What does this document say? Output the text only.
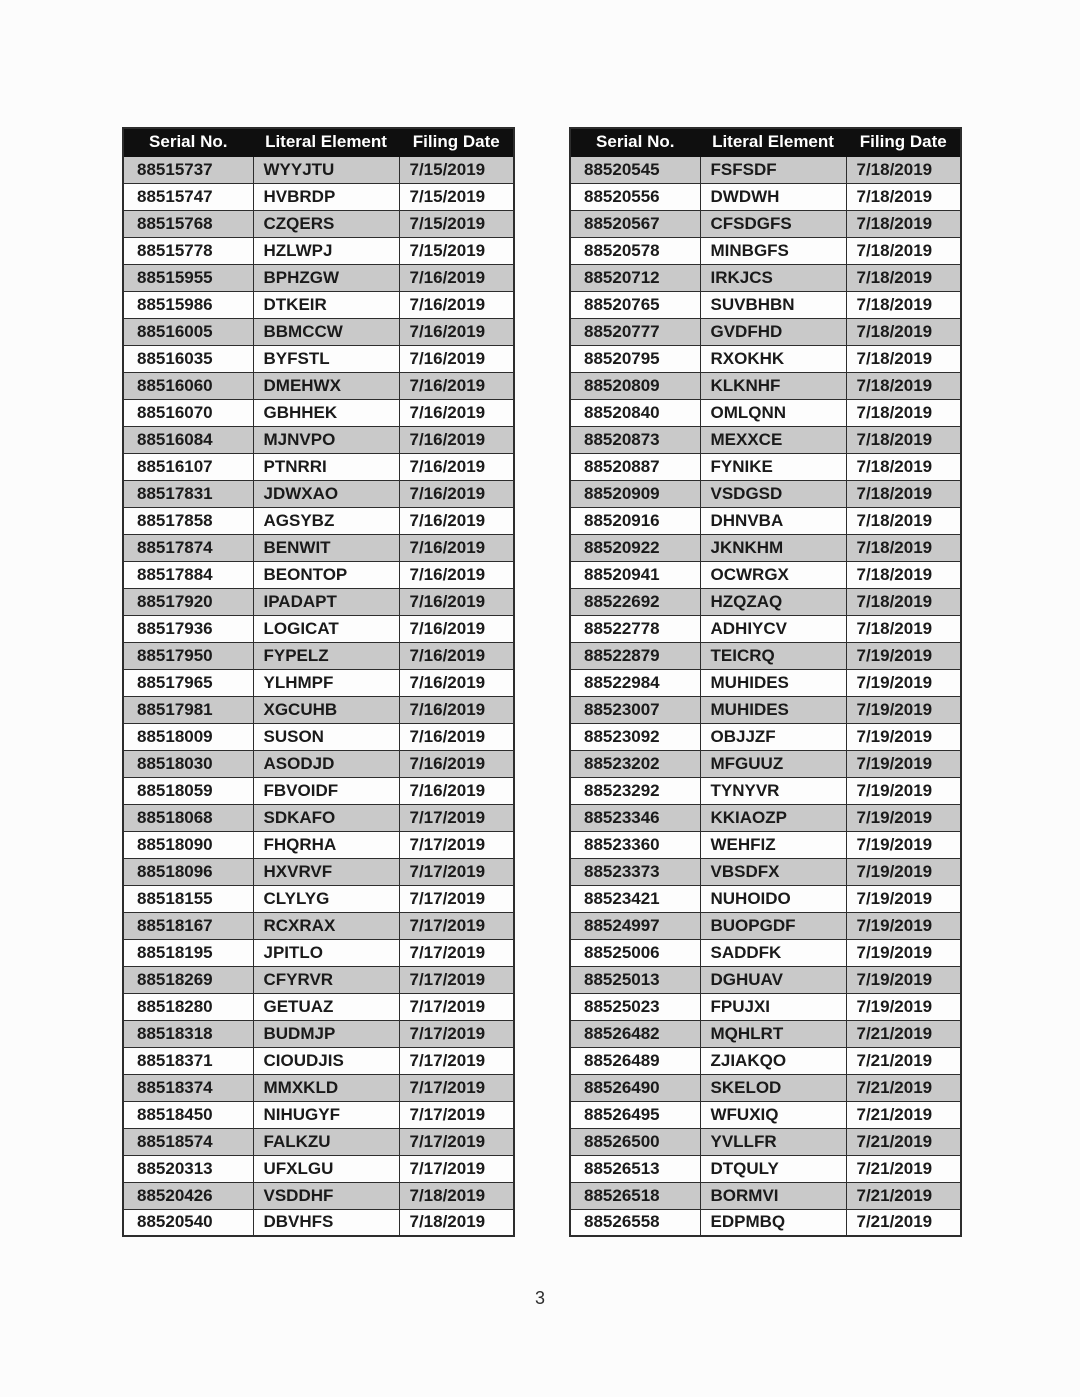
Serial No.	Literal Element	Filing Date
88515737	WYYJTU	7/15/2019
88515747	HVBRDP	7/15/2019
88515768	CZQERS	7/15/2019
88515778	HZLWPJ	7/15/2019
88515955	BPHZGW	7/16/2019
88515986	DTKEIR	7/16/2019
88516005	BBMCCW	7/16/2019
88516035	BYFSTL	7/16/2019
88516060	DMEHWX	7/16/2019
88516070	GBHHEK	7/16/2019
88516084	MJNVPO	7/16/2019
88516107	PTNRRI	7/16/2019
88517831	JDWXAO	7/16/2019
88517858	AGSYBZ	7/16/2019
88517874	BENWIT	7/16/2019
88517884	BEONTOP	7/16/2019
88517920	IPADAPT	7/16/2019
88517936	LOGICAT	7/16/2019
88517950	FYPELZ	7/16/2019
88517965	YLHMPF	7/16/2019
88517981	XGCUHB	7/16/2019
88518009	SUSON	7/16/2019
88518030	ASODJD	7/16/2019
88518059	FBVOIDF	7/16/2019
88518068	SDKAFO	7/17/2019
88518090	FHQRHA	7/17/2019
88518096	HXVRVF	7/17/2019
88518155	CLYLYG	7/17/2019
88518167	RCXRAX	7/17/2019
88518195	JPITLO	7/17/2019
88518269	CFYRVR	7/17/2019
88518280	GETUAZ	7/17/2019
88518318	BUDMJP	7/17/2019
88518371	CIOUDJIS	7/17/2019
88518374	MMXKLD	7/17/2019
88518450	NIHUGYF	7/17/2019
88518574	FALKZU	7/17/2019
88520313	UFXLGU	7/17/2019
88520426	VSDDHF	7/18/2019
88520540	DBVHFS	7/18/2019
Serial No.	Literal Element	Filing Date
88520545	FSFSDF	7/18/2019
88520556	DWDWH	7/18/2019
88520567	CFSDGFS	7/18/2019
88520578	MINBGFS	7/18/2019
88520712	IRKJCS	7/18/2019
88520765	SUVBHBN	7/18/2019
88520777	GVDFHD	7/18/2019
88520795	RXOKHK	7/18/2019
88520809	KLKNHF	7/18/2019
88520840	OMLQNN	7/18/2019
88520873	MEXXCE	7/18/2019
88520887	FYNIKE	7/18/2019
88520909	VSDGSD	7/18/2019
88520916	DHNVBA	7/18/2019
88520922	JKNKHM	7/18/2019
88520941	OCWRGX	7/18/2019
88522692	HZQZAQ	7/18/2019
88522778	ADHIYCV	7/18/2019
88522879	TEICRQ	7/19/2019
88522984	MUHIDES	7/19/2019
88523007	MUHIDES	7/19/2019
88523092	OBJJZF	7/19/2019
88523202	MFGUUZ	7/19/2019
88523292	TYNYVR	7/19/2019
88523346	KKIAOZP	7/19/2019
88523360	WEHFIZ	7/19/2019
88523373	VBSDFX	7/19/2019
88523421	NUHOIDO	7/19/2019
88524997	BUOPGDF	7/19/2019
88525006	SADDFK	7/19/2019
88525013	DGHUAV	7/19/2019
88525023	FPUJXI	7/19/2019
88526482	MQHLRT	7/21/2019
88526489	ZJIAKQO	7/21/2019
88526490	SKELOD	7/21/2019
88526495	WFUXIQ	7/21/2019
88526500	YVLLFR	7/21/2019
88526513	DTQULY	7/21/2019
88526518	BORMVI	7/21/2019
88526558	EDPMBQ	7/21/2019
3
